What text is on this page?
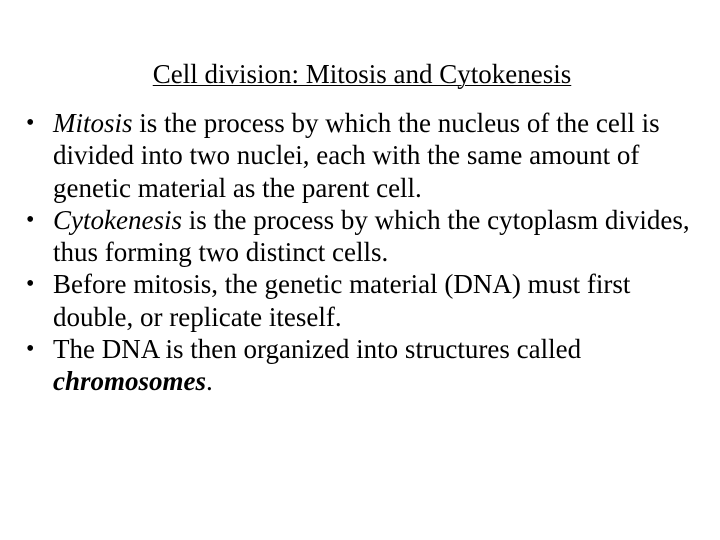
Cell division: Mitosis and Cytokenesis
• Mitosis is the process by which the nucleus of the cell is divided into two nuclei, each with the same amount of genetic material as the parent cell.
• Cytokenesis is the process by which the cytoplasm divides, thus forming two distinct cells.
• Before mitosis, the genetic material (DNA) must first double, or replicate iteself.
• The DNA is then organized into structures called chromosomes.
